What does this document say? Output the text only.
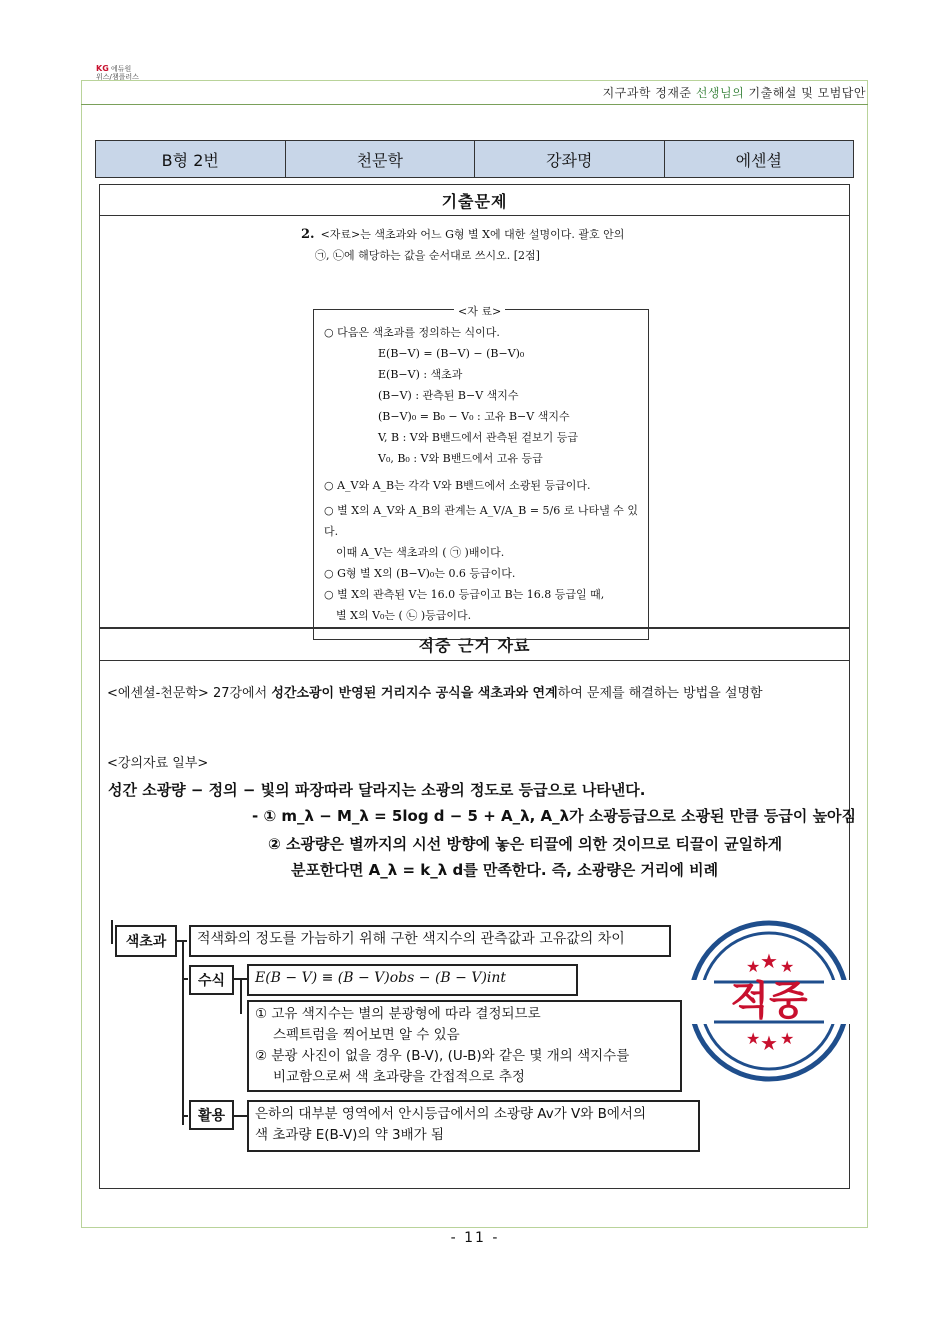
KG 에듀원
위스/챔플러스
지구과학 정재준 선생님의 기출해설 및 모범답안
B형 2번	천문학	강좌명	에센셜
기출문제
2. <자료>는 색초과와 어느 G형 별 X에 대한 설명이다. 괄호 안의
㉠, ㉡에 해당하는 값을 순서대로 쓰시오. [2점]
<자 료>
○ 다음은 색초과를 정의하는 식이다.
E(B−V) = (B−V) − (B−V)₀
E(B−V) : 색초과
(B−V) : 관측된 B−V 색지수
(B−V)₀ = B₀ − V₀ : 고유 B−V 색지수
V, B : V와 B밴드에서 관측된 겉보기 등급
V₀, B₀ : V와 B밴드에서 고유 등급
○ A_V와 A_B는 각각 V와 B밴드에서 소광된 등급이다.
○ 별 X의 A_V와 A_B의 관계는 A_V/A_B = 5/6 로 나타낼 수 있다.
이때 A_V는 색초과의 ( ㉠ )배이다.
○ G형 별 X의 (B−V)₀는 0.6 등급이다.
○ 별 X의 관측된 V는 16.0 등급이고 B는 16.8 등급일 때,
별 X의 V₀는 ( ㉡ )등급이다.
적중 근거 자료
<에센셜-천문학> 27강에서 성간소광이 반영된 거리지수 공식을 색초과와 연계하여 문제를 해결하는 방법을 설명함
<강의자료 일부>
성간 소광량 − 정의 − 빛의 파장따라 달라지는 소광의 정도로 등급으로 나타낸다.
- ① m_λ − M_λ = 5log d − 5 + A_λ, A_λ가 소광등급으로 소광된 만큼 등급이 높아짐
② 소광량은 별까지의 시선 방향에 놓은 티끌에 의한 것이므로 티끌이 균일하게
분포한다면 A_λ = k_λ d를 만족한다. 즉, 소광량은 거리에 비례
색초과	적색화의 정도를 가늠하기 위해 구한 색지수의 관측값과 고유값의 차이
수식	E(B − V) ≡ (B − V)obs − (B − V)int
① 고유 색지수는 별의 분광형에 따라 결정되므로
스펙트럼을 찍어보면 알 수 있음
② 분광 사진이 없을 경우 (B-V), (U-B)와 같은 몇 개의 색지수를
비교함으로써 색 초과량을 간접적으로 추정
활용	은하의 대부분 영역에서 안시등급에서의 소광량 Av가 V와 B에서의
색 초과량 E(B-V)의 약 3배가 됨
★ ★ ★
★ ★ ★
적중
- 11 -
